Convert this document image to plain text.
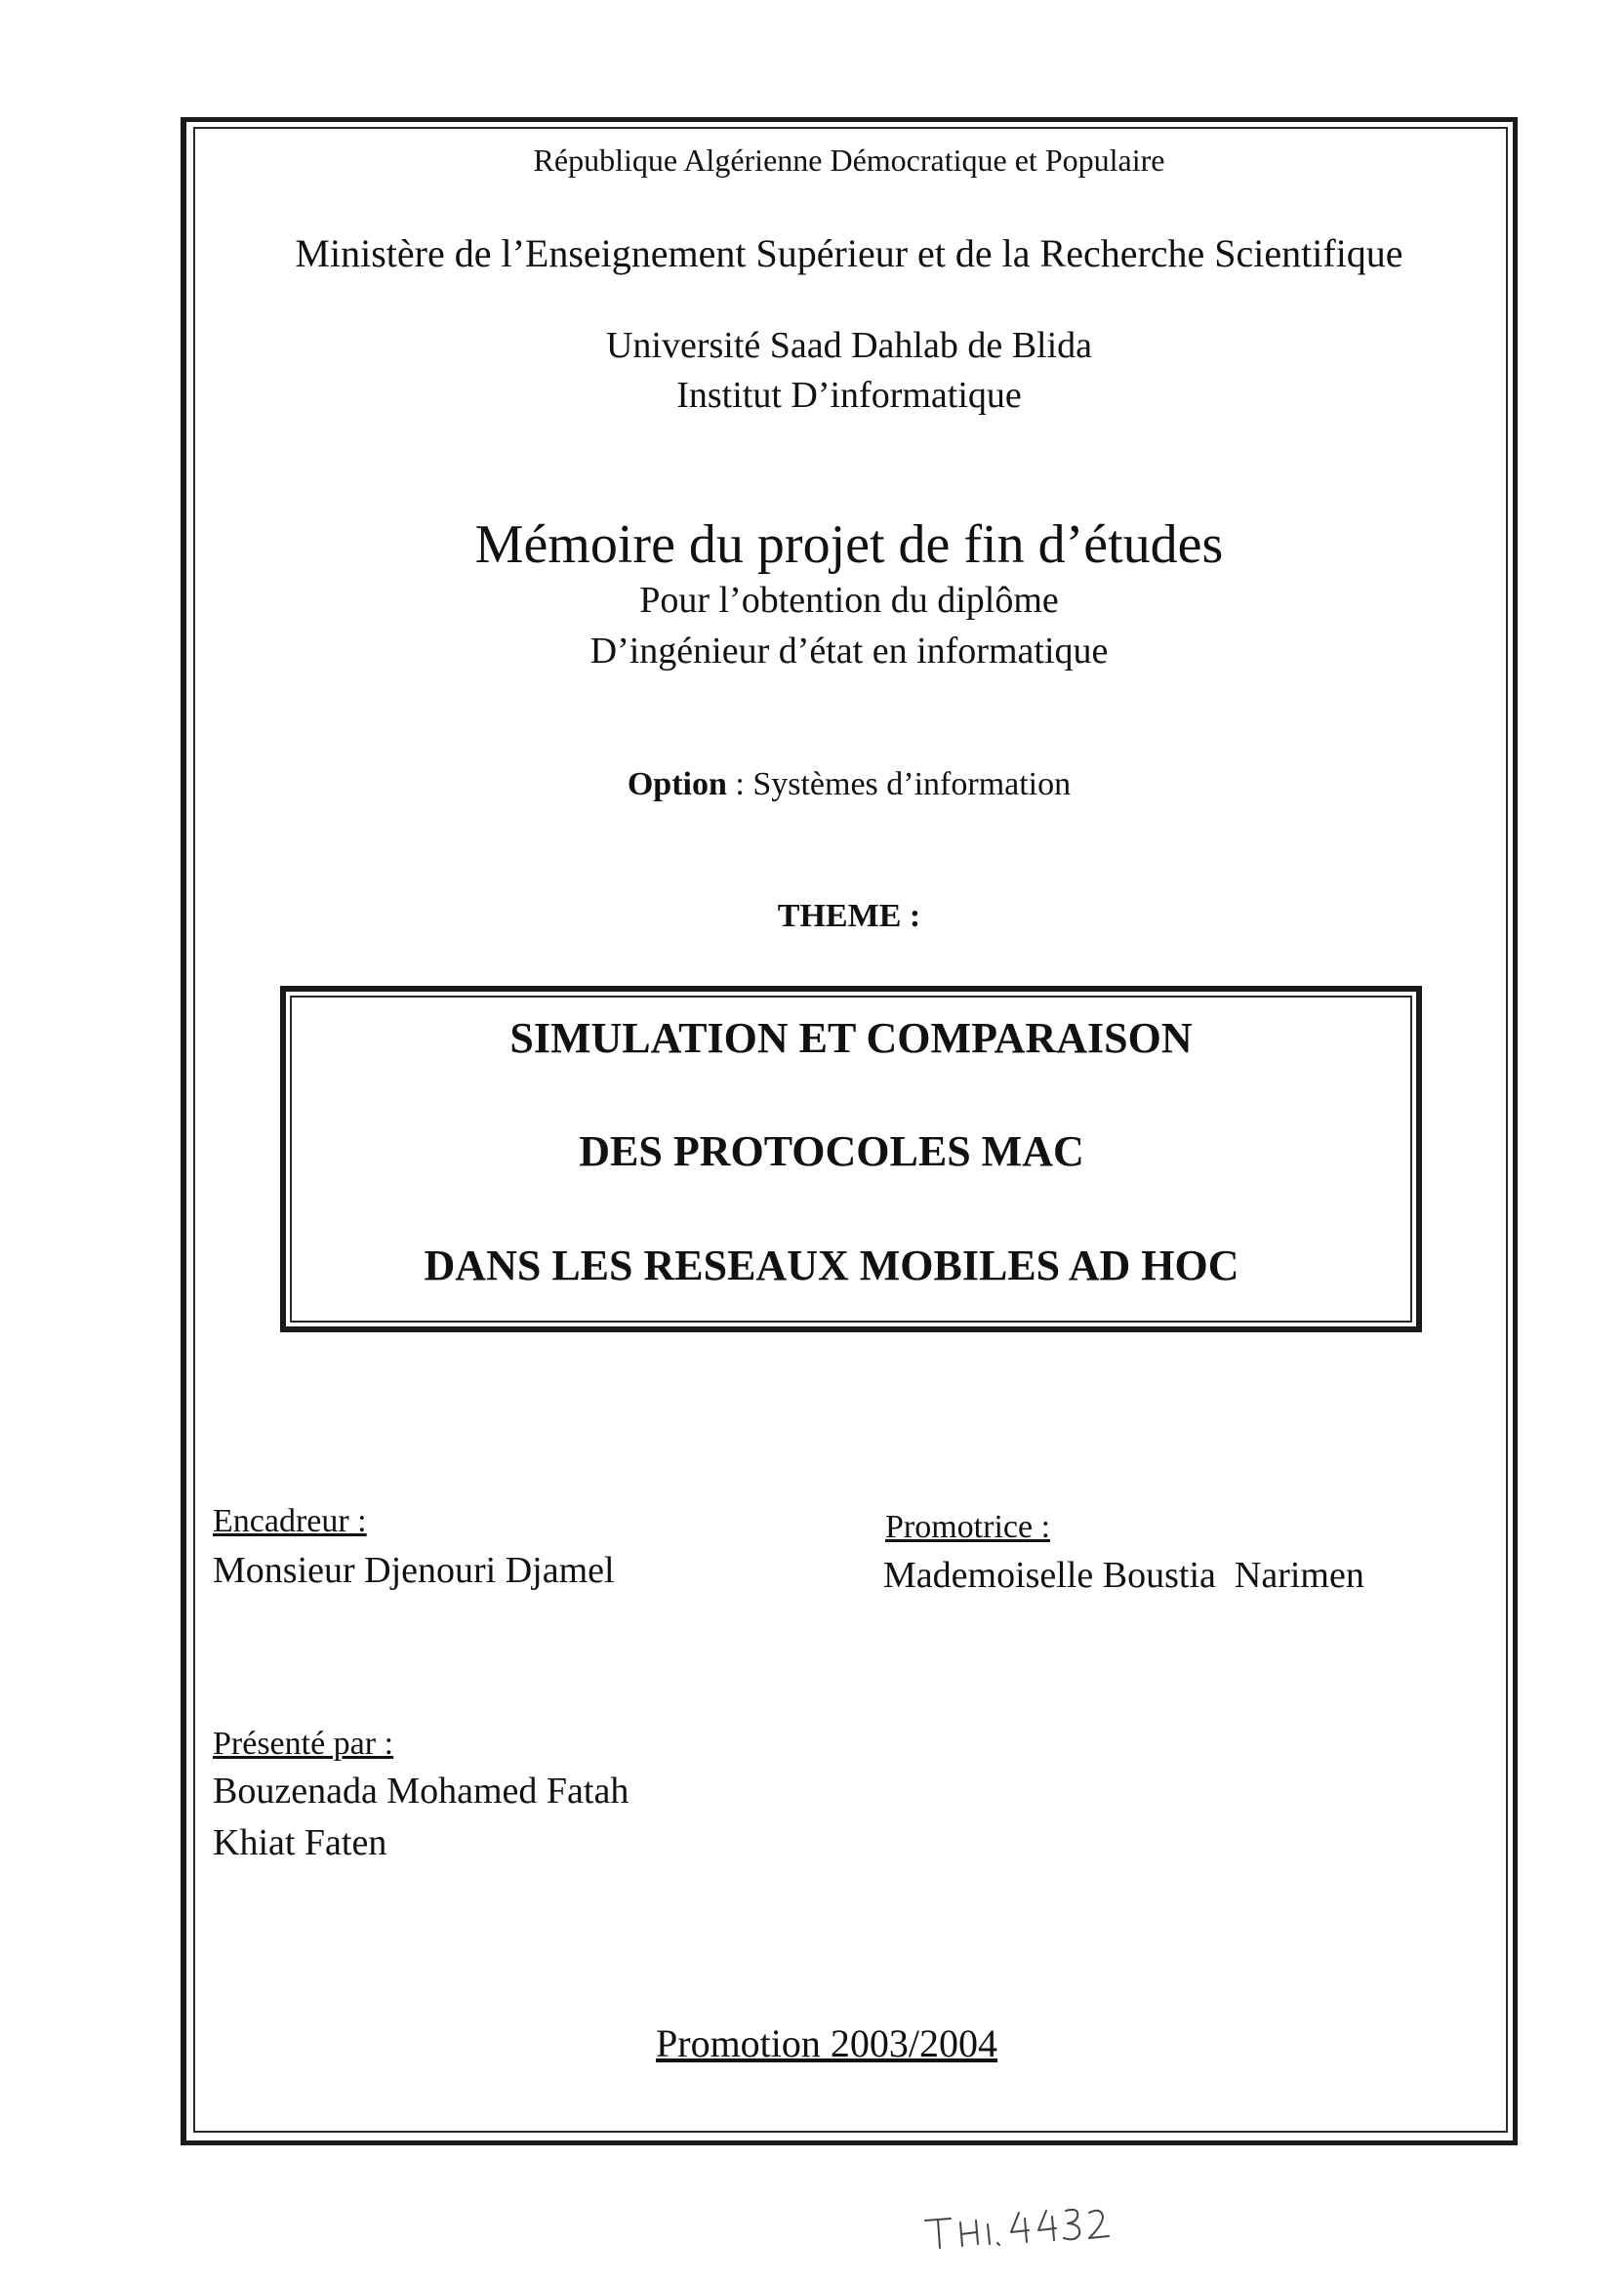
République Algérienne Démocratique et Populaire

Ministère de l’Enseignement Supérieur et de la Recherche Scientifique

Université Saad Dahlab de Blida

Institut D’informatique

Mémoire du projet de fin d’études

Pour l’obtention du diplôme

D’ingénieur d’état en informatique

Option : Systèmes d’information

THEME :

SIMULATION ET COMPARAISON

DES PROTOCOLES MAC

DANS LES RESEAUX MOBILES AD HOC

Encadreur :

Monsieur Djenouri Djamel

Promotrice :

Mademoiselle Boustia  Narimen

Présenté par :

Bouzenada Mohamed Fatah

Khiat Faten

Promotion 2003/2004
